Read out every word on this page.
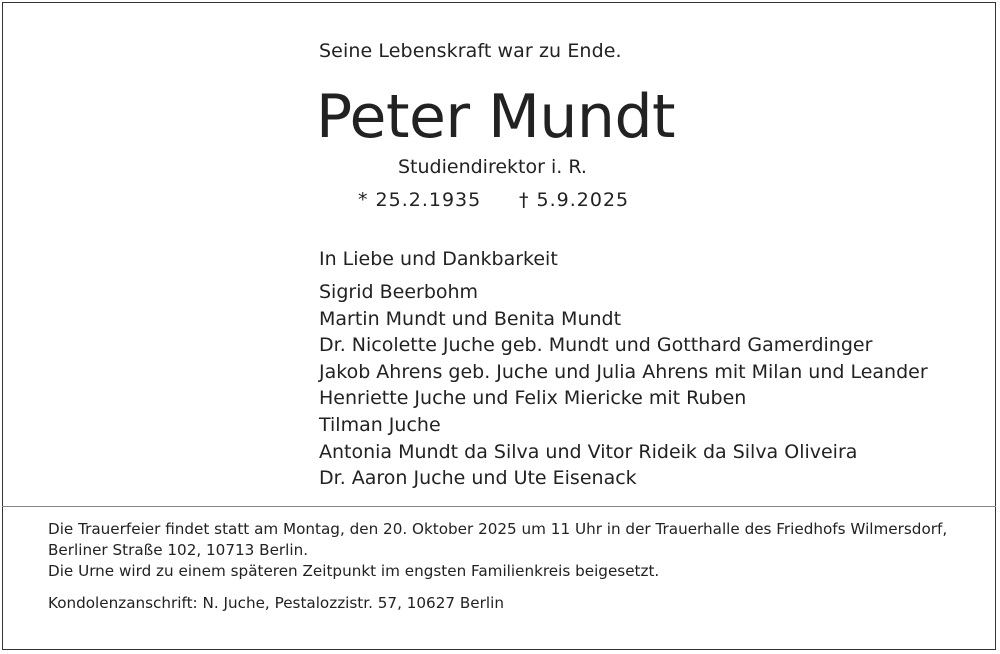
Seine Lebenskraft war zu Ende.
Peter Mundt
Studiendirektor i. R.
* 25.2.1935 † 5.9.2025
In Liebe und Dankbarkeit
Sigrid Beerbohm
Martin Mundt und Benita Mundt
Dr. Nicolette Juche geb. Mundt und Gotthard Gamerdinger
Jakob Ahrens geb. Juche und Julia Ahrens mit Milan und Leander
Henriette Juche und Felix Miericke mit Ruben
Tilman Juche
Antonia Mundt da Silva und Vitor Rideik da Silva Oliveira
Dr. Aaron Juche und Ute Eisenack
Die Trauerfeier findet statt am Montag, den 20. Oktober 2025 um 11 Uhr in der Trauerhalle des Friedhofs Wilmersdorf,
Berliner Straße 102, 10713 Berlin.
Die Urne wird zu einem späteren Zeitpunkt im engsten Familienkreis beigesetzt.
Kondolenzanschrift: N. Juche, Pestalozzistr. 57, 10627 Berlin
